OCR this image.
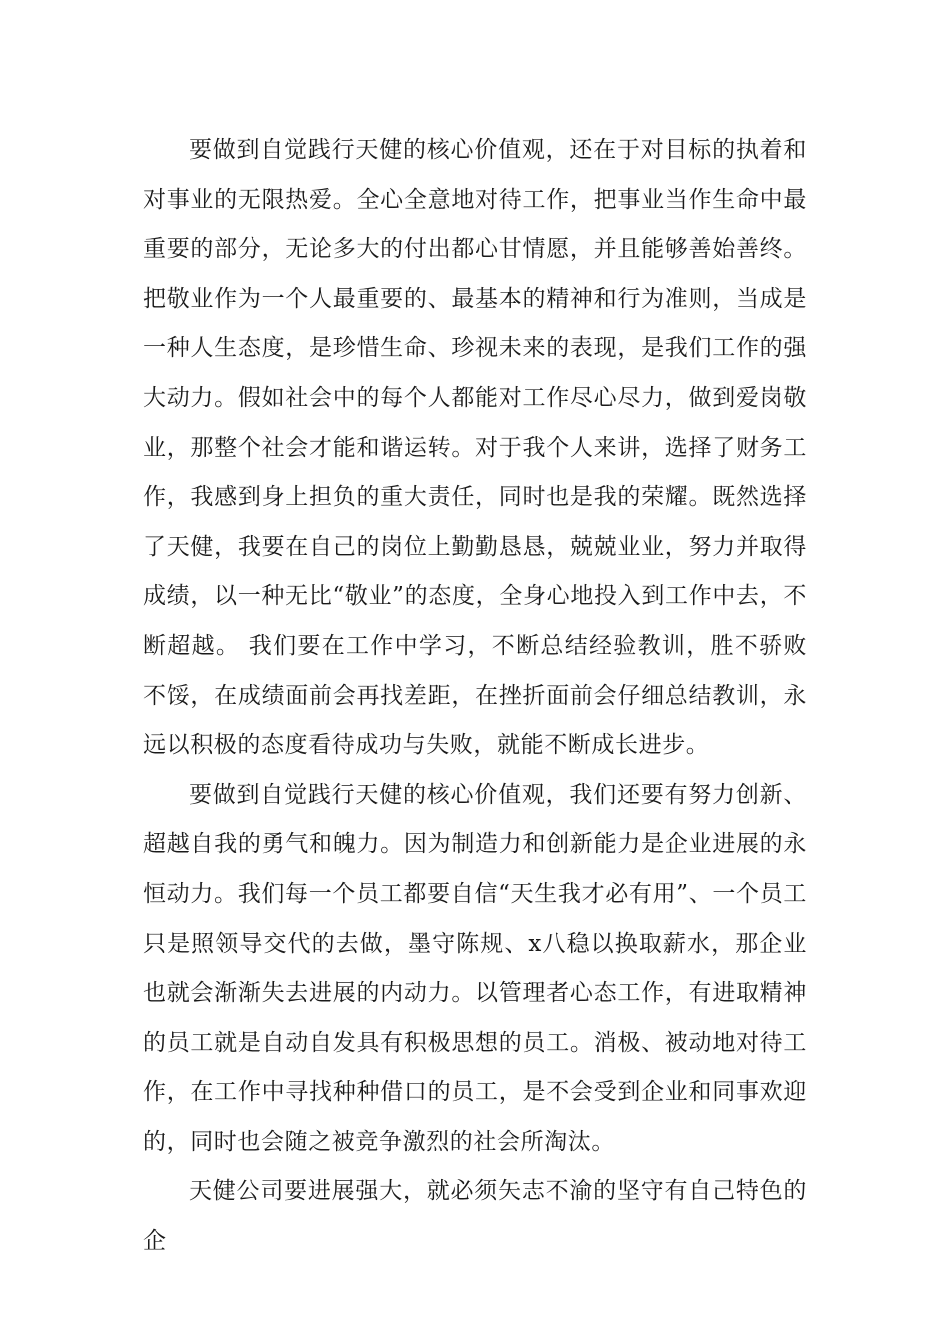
要做到自觉践行天健的核心价值观，还在于对目标的执着和对事业的无限热爱。全心全意地对待工作，把事业当作生命中最重要的部分，无论多大的付出都心甘情愿，并且能够善始善终。把敬业作为一个人最重要的、最基本的精神和行为准则，当成是一种人生态度，是珍惜生命、珍视未来的表现，是我们工作的强大动力。假如社会中的每个人都能对工作尽心尽力，做到爱岗敬业，那整个社会才能和谐运转。对于我个人来讲，选择了财务工作，我感到身上担负的重大责任，同时也是我的荣耀。既然选择了天健，我要在自己的岗位上勤勤恳恳，兢兢业业，努力并取得成绩，以一种无比“敬业”的态度，全身心地投入到工作中去，不断超越。 我们要在工作中学习，不断总结经验教训，胜不骄败不馁，在成绩面前会再找差距，在挫折面前会仔细总结教训，永远以积极的态度看待成功与失败，就能不断成长进步。

要做到自觉践行天健的核心价值观，我们还要有努力创新、超越自我的勇气和魄力。因为制造力和创新能力是企业进展的永恒动力。我们每一个员工都要自信“天生我才必有用”、一个员工只是照领导交代的去做，墨守陈规、x八稳以换取薪水，那企业也就会渐渐失去进展的内动力。以管理者心态工作，有进取精神的员工就是自动自发具有积极思想的员工。消极、被动地对待工作，在工作中寻找种种借口的员工，是不会受到企业和同事欢迎的，同时也会随之被竞争激烈的社会所淘汰。

天健公司要进展强大，就必须矢志不渝的坚守有自己特色的企
